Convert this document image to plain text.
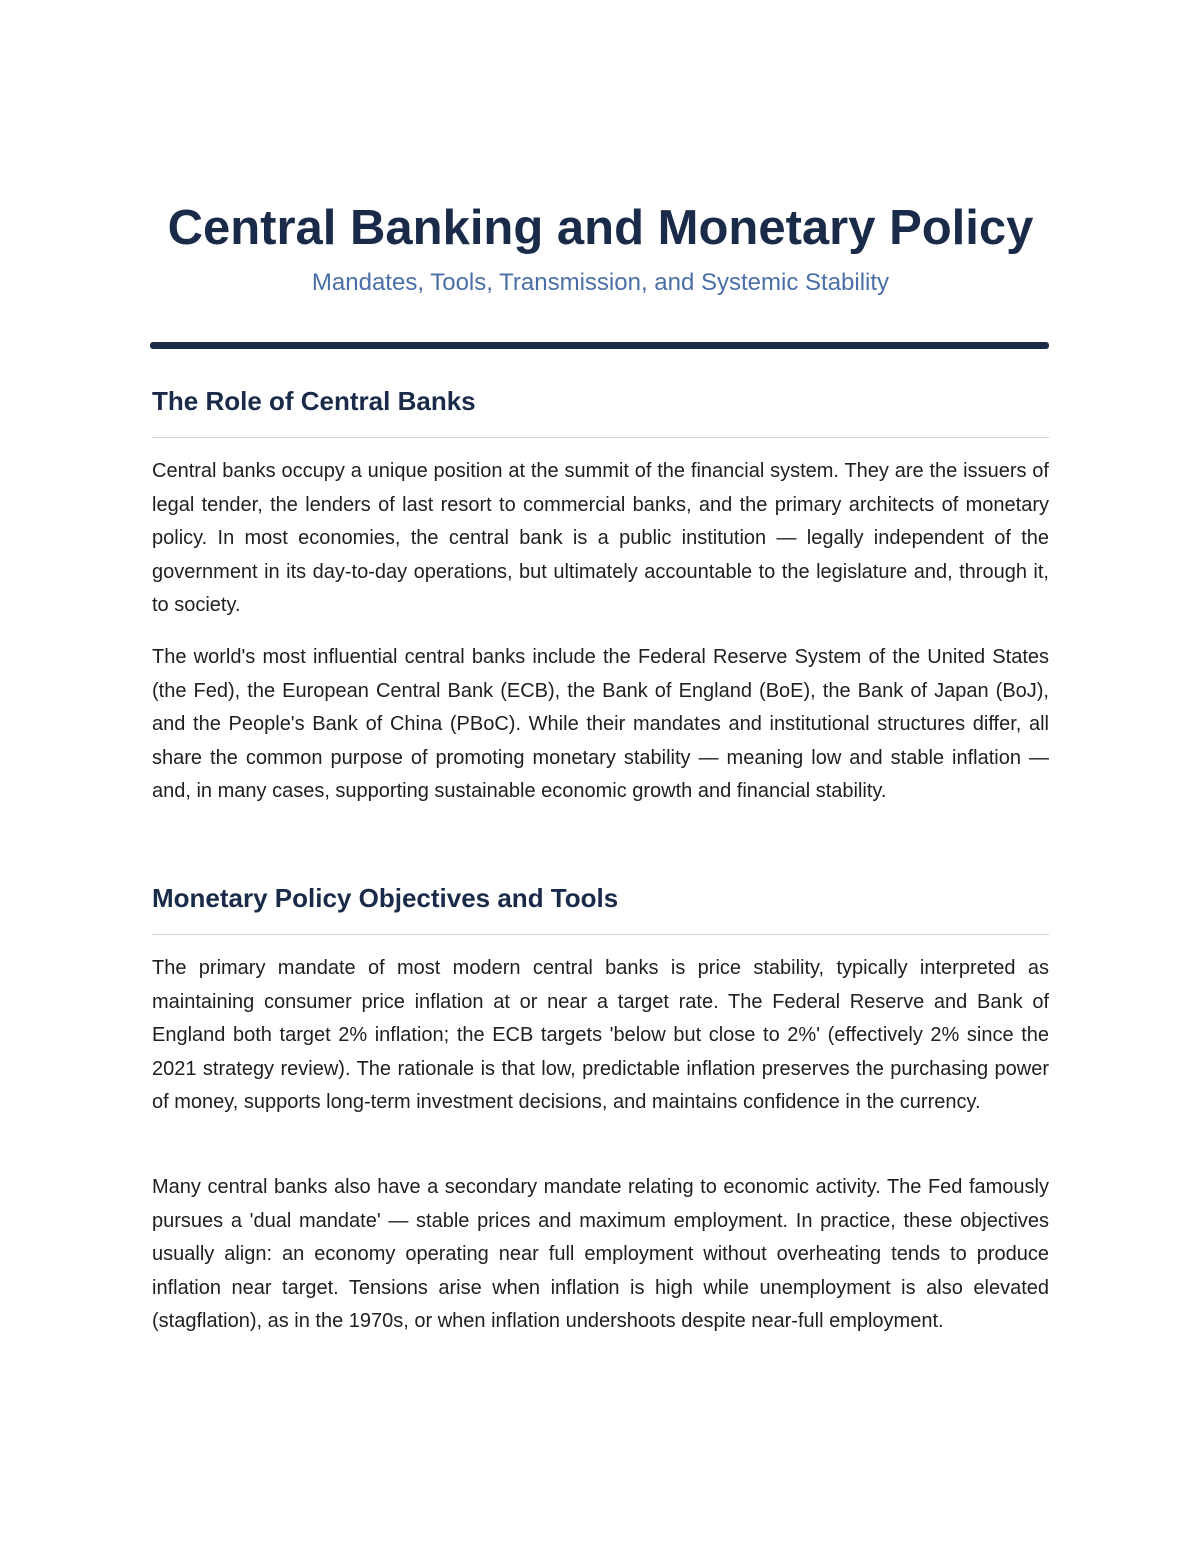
Central Banking and Monetary Policy

Mandates, Tools, Transmission, and Systemic Stability

The Role of Central Banks

Central banks occupy a unique position at the summit of the financial system. They are the issuers of legal tender, the lenders of last resort to commercial banks, and the primary architects of monetary policy. In most economies, the central bank is a public institution — legally independent of the government in its day-to-day operations, but ultimately accountable to the legislature and, through it, to society.

The world's most influential central banks include the Federal Reserve System of the United States (the Fed), the European Central Bank (ECB), the Bank of England (BoE), the Bank of Japan (BoJ), and the People's Bank of China (PBoC). While their mandates and institutional structures differ, all share the common purpose of promoting monetary stability — meaning low and stable inflation — and, in many cases, supporting sustainable economic growth and financial stability.

Monetary Policy Objectives and Tools

The primary mandate of most modern central banks is price stability, typically interpreted as maintaining consumer price inflation at or near a target rate. The Federal Reserve and Bank of England both target 2% inflation; the ECB targets 'below but close to 2%' (effectively 2% since the 2021 strategy review). The rationale is that low, predictable inflation preserves the purchasing power of money, supports long-term investment decisions, and maintains confidence in the currency.

Many central banks also have a secondary mandate relating to economic activity. The Fed famously pursues a 'dual mandate' — stable prices and maximum employment. In practice, these objectives usually align: an economy operating near full employment without overheating tends to produce inflation near target. Tensions arise when inflation is high while unemployment is also elevated (stagflation), as in the 1970s, or when inflation undershoots despite near-full employment.
